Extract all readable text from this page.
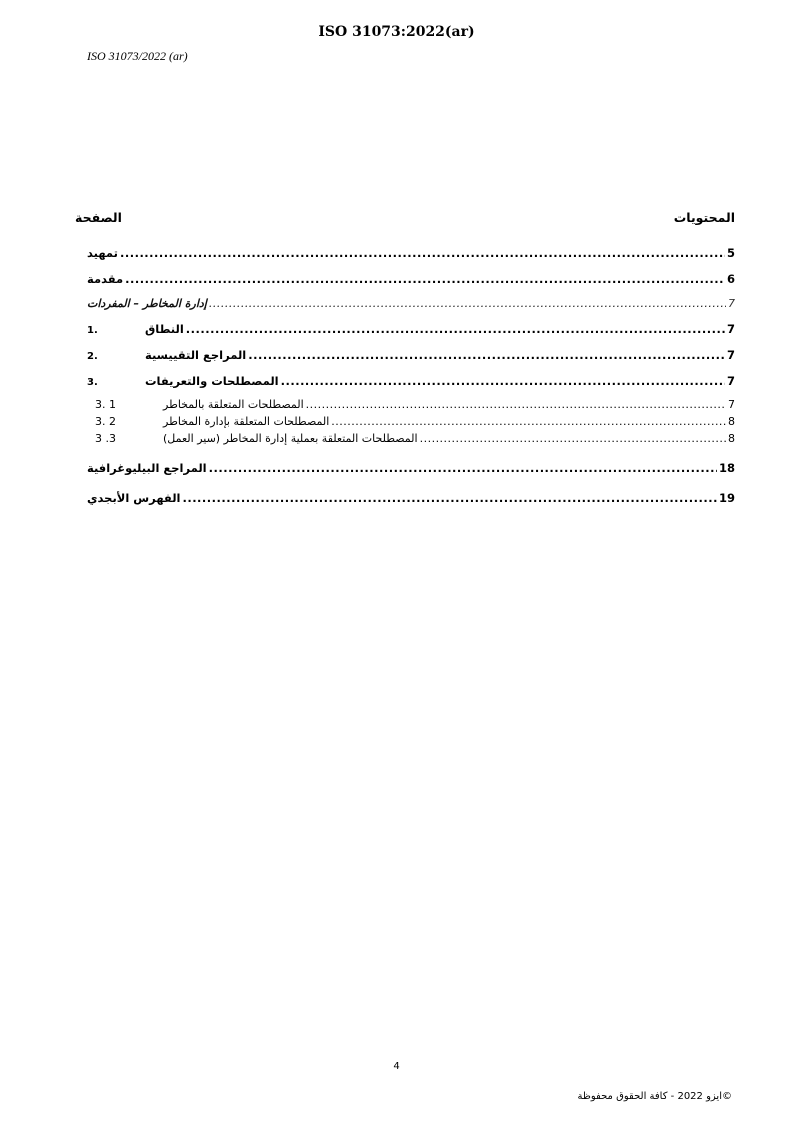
ISO 31073:2022(ar)
ISO 31073/2022 (ar)
المحتويات
الصفحة
تمهيد .....	5
مقدمة .....	6
إدارة المخاطر – المفردات .....	7
1.	النطاق .....	7
2.	المراجع التقييسية .....	7
3.	المصطلحات والتعريفات .....	7
3. 1	المصطلحات المتعلقة بالمخاطر .....	7
3. 2	المصطلحات المتعلقة بإدارة المخاطر .....	8
3 .3	المصطلحات المتعلقة بعملية إدارة المخاطر (سير العمل) .....	8
المراجع البيليوغرافية .....	18
الفهرس الأبجدي .....	19
4
©ايزو 2022 - كافة الحقوق محفوظة
